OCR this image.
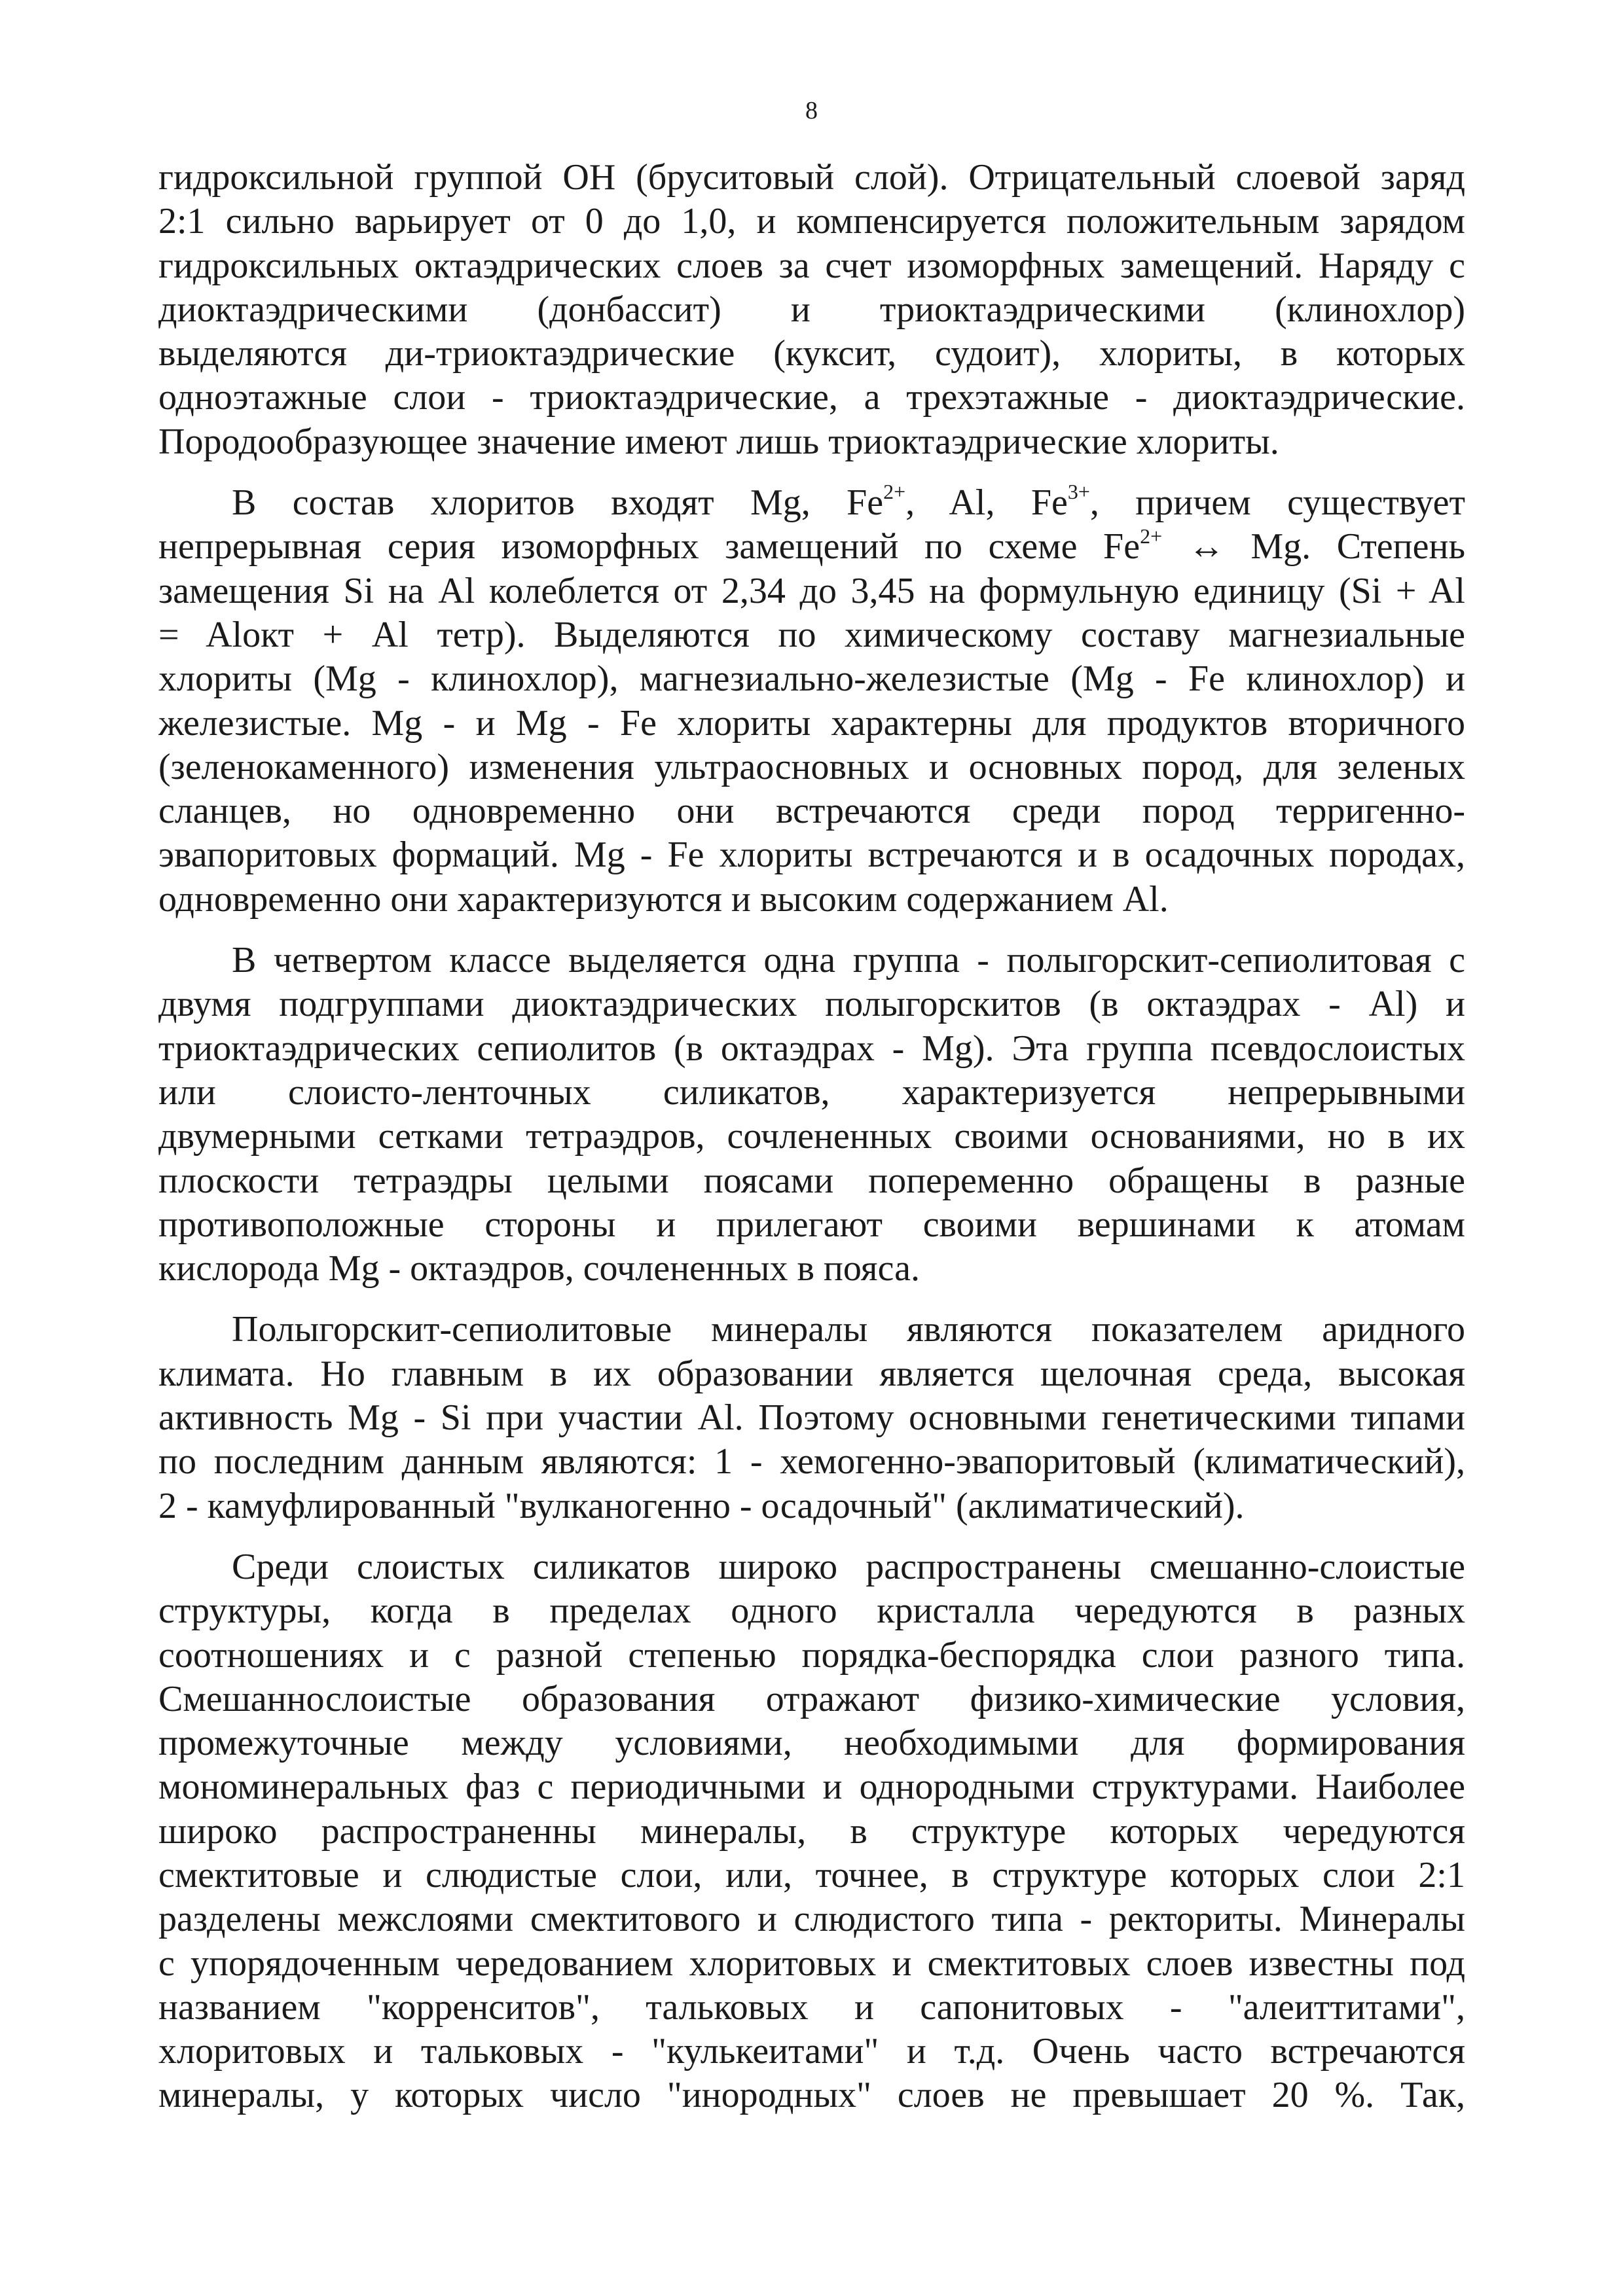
8
гидроксильной группой ОН (бруситовый слой). Отрицательный слоевой заряд
2:1 сильно варьирует от 0 до 1,0, и компенсируется положительным зарядом
гидроксильных октаэдрических слоев за счет изоморфных замещений. Наряду с
диоктаэдрическими (донбассит) и триоктаэдрическими (клинохлор)
выделяются ди-триоктаэдрические (куксит, судоит), хлориты, в которых
одноэтажные слои - триоктаэдрические, а трехэтажные - диоктаэдрические.
Породообразующее значение имеют лишь триоктаэдрические хлориты.
В состав хлоритов входят Mg, $Fe^{2+}$, Al, $Fe^{3+}$, причем существует
непрерывная серия изоморфных замещений по схеме $Fe^{2+}$ ↔ Mg. Степень
замещения Si на Al колеблется от 2,34 до 3,45 на формульную единицу (Si + Al
= Alокт + Al тетр). Выделяются по химическому составу магнезиальные
хлориты (Mg - клинохлор), магнезиально-железистые (Mg - Fe клинохлор) и
железистые. Mg - и Mg - Fe хлориты характерны для продуктов вторичного
(зеленокаменного) изменения ультраосновных и основных пород, для зеленых
сланцев, но одновременно они встречаются среди пород терригенно-
эвапоритовых формаций. Mg - Fe хлориты встречаются и в осадочных породах,
одновременно они характеризуются и высоким содержанием Al.
В четвертом классе выделяется одна группа - полыгорскит-сепиолитовая с
двумя подгруппами диоктаэдрических полыгорскитов (в октаэдрах - Al) и
триоктаэдрических сепиолитов (в октаэдрах - Mg). Эта группа псевдослоистых
или слоисто-ленточных силикатов, характеризуется непрерывными
двумерными сетками тетраэдров, сочлененных своими основаниями, но в их
плоскости тетраэдры целыми поясами попеременно обращены в разные
противоположные стороны и прилегают своими вершинами к атомам
кислорода Mg - октаэдров, сочлененных в пояса.
Полыгорскит-сепиолитовые минералы являются показателем аридного
климата. Но главным в их образовании является щелочная среда, высокая
активность Mg - Si при участии Al. Поэтому основными генетическими типами
по последним данным являются: 1 - хемогенно-эвапоритовый (климатический),
2 - камуфлированный "вулканогенно - осадочный" (аклиматический).
Среди слоистых силикатов широко распространены смешанно-слоистые
структуры, когда в пределах одного кристалла чередуются в разных
соотношениях и с разной степенью порядка-беспорядка слои разного типа.
Смешаннослоистые образования отражают физико-химические условия,
промежуточные между условиями, необходимыми для формирования
мономинеральных фаз с периодичными и однородными структурами. Наиболее
широко распространенны минералы, в структуре которых чередуются
смектитовые и слюдистые слои, или, точнее, в структуре которых слои 2:1
разделены межслоями смектитового и слюдистого типа - ректориты. Минералы
с упорядоченным чередованием хлоритовых и смектитовых слоев известны под
названием "корренситов", тальковых и сапонитовых - "алеиттитами",
хлоритовых и тальковых - "кулькеитами" и т.д. Очень часто встречаются
минералы, у которых число "инородных" слоев не превышает 20 %. Так,
